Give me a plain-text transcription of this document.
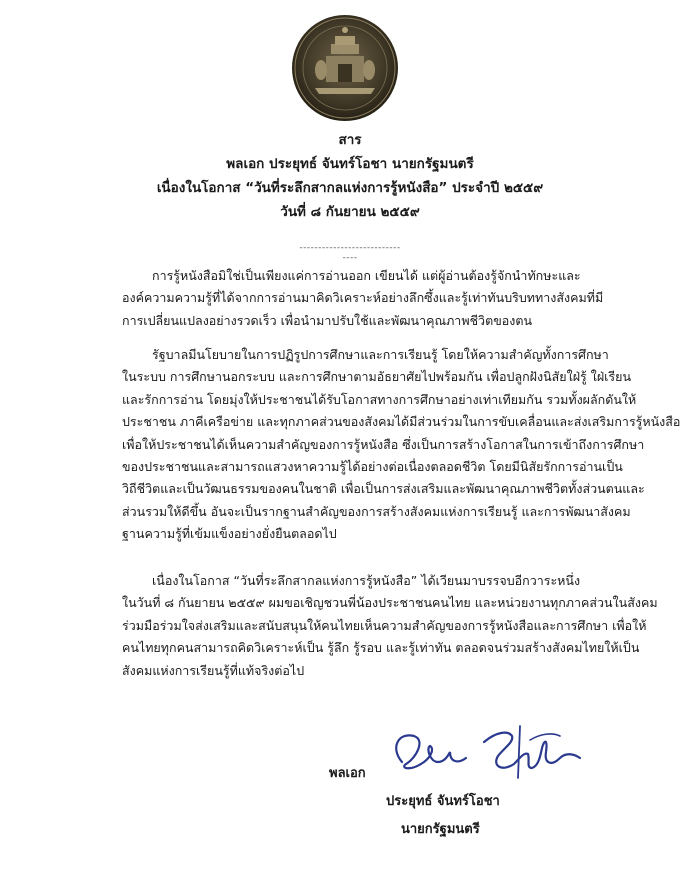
สาร
พลเอก ประยุทธ์ จันทร์โอชา นายกรัฐมนตรี
เนื่องในโอกาส “วันที่ระลึกสากลแห่งการรู้หนังสือ” ประจำปี ๒๕๕๙
วันที่ ๘ กันยายน ๒๕๕๙
-------------------------------

การรู้หนังสือมิใช่เป็นเพียงแค่การอ่านออก เขียนได้ แต่ผู้อ่านต้องรู้จักนำทักษะและ
องค์ความความรู้ที่ได้จากการอ่านมาคิดวิเคราะห์อย่างลึกซึ้งและรู้เท่าทันบริบททางสังคมที่มี
การเปลี่ยนแปลงอย่างรวดเร็ว เพื่อนำมาปรับใช้และพัฒนาคุณภาพชีวิตของตน

รัฐบาลมีนโยบายในการปฏิรูปการศึกษาและการเรียนรู้ โดยให้ความสำคัญทั้งการศึกษา
ในระบบ การศึกษานอกระบบ และการศึกษาตามอัธยาศัยไปพร้อมกัน เพื่อปลูกฝังนิสัยใฝ่รู้ ใฝ่เรียน
และรักการอ่าน โดยมุ่งให้ประชาชนได้รับโอกาสทางการศึกษาอย่างเท่าเทียมกัน รวมทั้งผลักดันให้
ประชาชน ภาคีเครือข่าย และทุกภาคส่วนของสังคมได้มีส่วนร่วมในการขับเคลื่อนและส่งเสริมการรู้หนังสือ
เพื่อให้ประชาชนได้เห็นความสำคัญของการรู้หนังสือ ซึ่งเป็นการสร้างโอกาสในการเข้าถึงการศึกษา
ของประชาชนและสามารถแสวงหาความรู้ได้อย่างต่อเนื่องตลอดชีวิต โดยมีนิสัยรักการอ่านเป็น
วิถีชีวิตและเป็นวัฒนธรรมของคนในชาติ เพื่อเป็นการส่งเสริมและพัฒนาคุณภาพชีวิตทั้งส่วนตนและ
ส่วนรวมให้ดีขึ้น อันจะเป็นรากฐานสำคัญของการสร้างสังคมแห่งการเรียนรู้ และการพัฒนาสังคม
ฐานความรู้ที่เข้มแข็งอย่างยั่งยืนตลอดไป

เนื่องในโอกาส “วันที่ระลึกสากลแห่งการรู้หนังสือ” ได้เวียนมาบรรจบอีกวาระหนึ่ง
ในวันที่ ๘ กันยายน ๒๕๕๙ ผมขอเชิญชวนพี่น้องประชาชนคนไทย และหน่วยงานทุกภาคส่วนในสังคม
ร่วมมือร่วมใจส่งเสริมและสนับสนุนให้คนไทยเห็นความสำคัญของการรู้หนังสือและการศึกษา เพื่อให้
คนไทยทุกคนสามารถคิดวิเคราะห์เป็น รู้ลึก รู้รอบ และรู้เท่าทัน ตลอดจนร่วมสร้างสังคมไทยให้เป็น
สังคมแห่งการเรียนรู้ที่แท้จริงต่อไป

พลเอก
ประยุทธ์ จันทร์โอชา
นายกรัฐมนตรี
